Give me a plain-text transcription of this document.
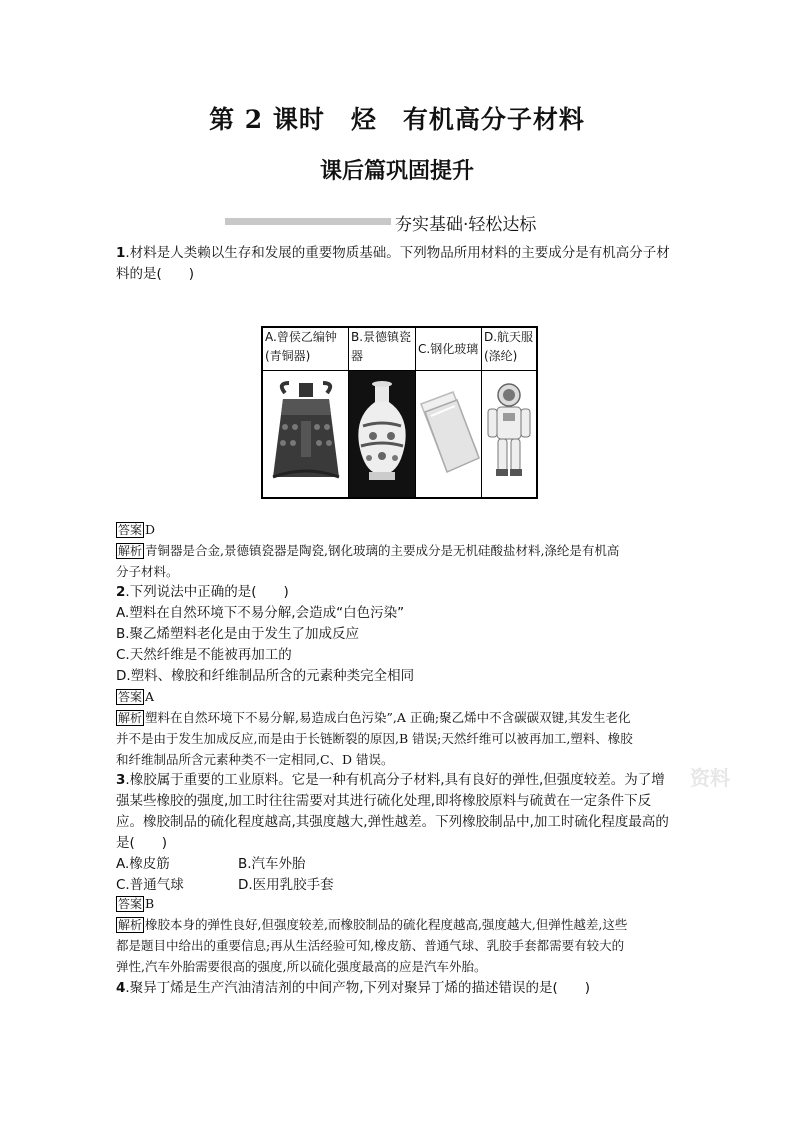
第 2 课时　烃　有机高分子材料
课后篇巩固提升
夯实基础·轻松达标
1.材料是人类赖以生存和发展的重要物质基础。下列物品所用材料的主要成分是有机高分子材
料的是(　　)
A.曾侯乙编钟(青铜器)	B.景德镇瓷器	C.钢化玻璃	D.航天服(涤纶)

答案 D
解析 青铜器是合金,景德镇瓷器是陶瓷,钢化玻璃的主要成分是无机硅酸盐材料,涤纶是有机高
分子材料。
2.下列说法中正确的是(　　)
A.塑料在自然环境下不易分解,会造成“白色污染”
B.聚乙烯塑料老化是由于发生了加成反应
C.天然纤维是不能被再加工的
D.塑料、橡胶和纤维制品所含的元素种类完全相同
答案 A
解析 塑料在自然环境下不易分解,易造成白色污染”,A 正确;聚乙烯中不含碳碳双键,其发生老化
并不是由于发生加成反应,而是由于长链断裂的原因,B 错误;天然纤维可以被再加工,塑料、橡胶
和纤维制品所含元素种类不一定相同,C、D 错误。
资料
3.橡胶属于重要的工业原料。它是一种有机高分子材料,具有良好的弹性,但强度较差。为了增
强某些橡胶的强度,加工时往往需要对其进行硫化处理,即将橡胶原料与硫黄在一定条件下反
应。橡胶制品的硫化程度越高,其强度越大,弹性越差。下列橡胶制品中,加工时硫化程度最高的
是(　　)
A.橡皮筋	B.汽车外胎
C.普通气球	D.医用乳胶手套
答案 B
解析 橡胶本身的弹性良好,但强度较差,而橡胶制品的硫化程度越高,强度越大,但弹性越差,这些
都是题目中给出的重要信息;再从生活经验可知,橡皮筋、普通气球、乳胶手套都需要有较大的
弹性,汽车外胎需要很高的强度,所以硫化强度最高的应是汽车外胎。
4.聚异丁烯是生产汽油清洁剂的中间产物,下列对聚异丁烯的描述错误的是(　　)
